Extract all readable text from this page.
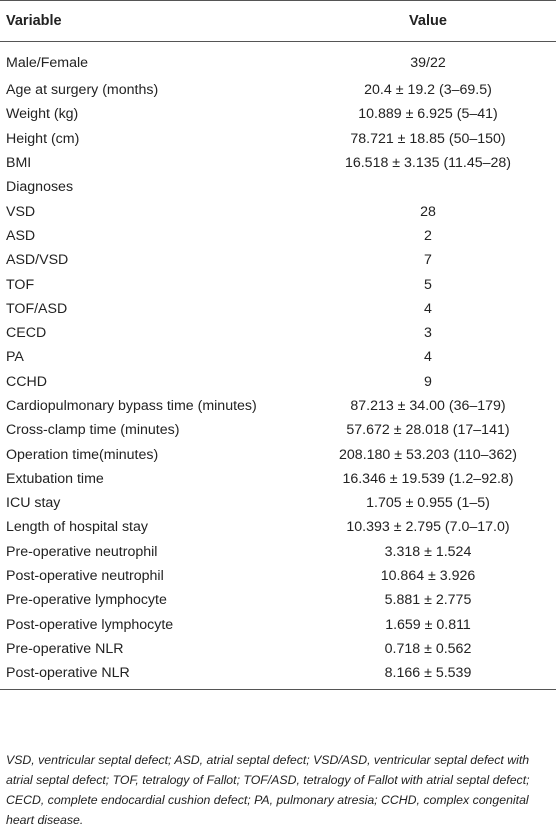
Variable	Value
Male/Female	39/22
Age at surgery (months)	20.4 ± 19.2 (3–69.5)
Weight (kg)	10.889 ± 6.925 (5–41)
Height (cm)	78.721 ± 18.85 (50–150)
BMI	16.518 ± 3.135 (11.45–28)
Diagnoses	
VSD	28
ASD	2
ASD/VSD	7
TOF	5
TOF/ASD	4
CECD	3
PA	4
CCHD	9
Cardiopulmonary bypass time (minutes)	87.213 ± 34.00 (36–179)
Cross-clamp time (minutes)	57.672 ± 28.018 (17–141)
Operation time(minutes)	208.180 ± 53.203 (110–362)
Extubation time	16.346 ± 19.539 (1.2–92.8)
ICU stay	1.705 ± 0.955 (1–5)
Length of hospital stay	10.393 ± 2.795 (7.0–17.0)
Pre-operative neutrophil	3.318 ± 1.524
Post-operative neutrophil	10.864 ± 3.926
Pre-operative lymphocyte	5.881 ± 2.775
Post-operative lymphocyte	1.659 ± 0.811
Pre-operative NLR	0.718 ± 0.562
Post-operative NLR	8.166 ± 5.539
VSD, ventricular septal defect; ASD, atrial septal defect; VSD/ASD, ventricular septal defect with atrial septal defect; TOF, tetralogy of Fallot; TOF/ASD, tetralogy of Fallot with atrial septal defect; CECD, complete endocardial cushion defect; PA, pulmonary atresia; CCHD, complex congenital heart disease.
